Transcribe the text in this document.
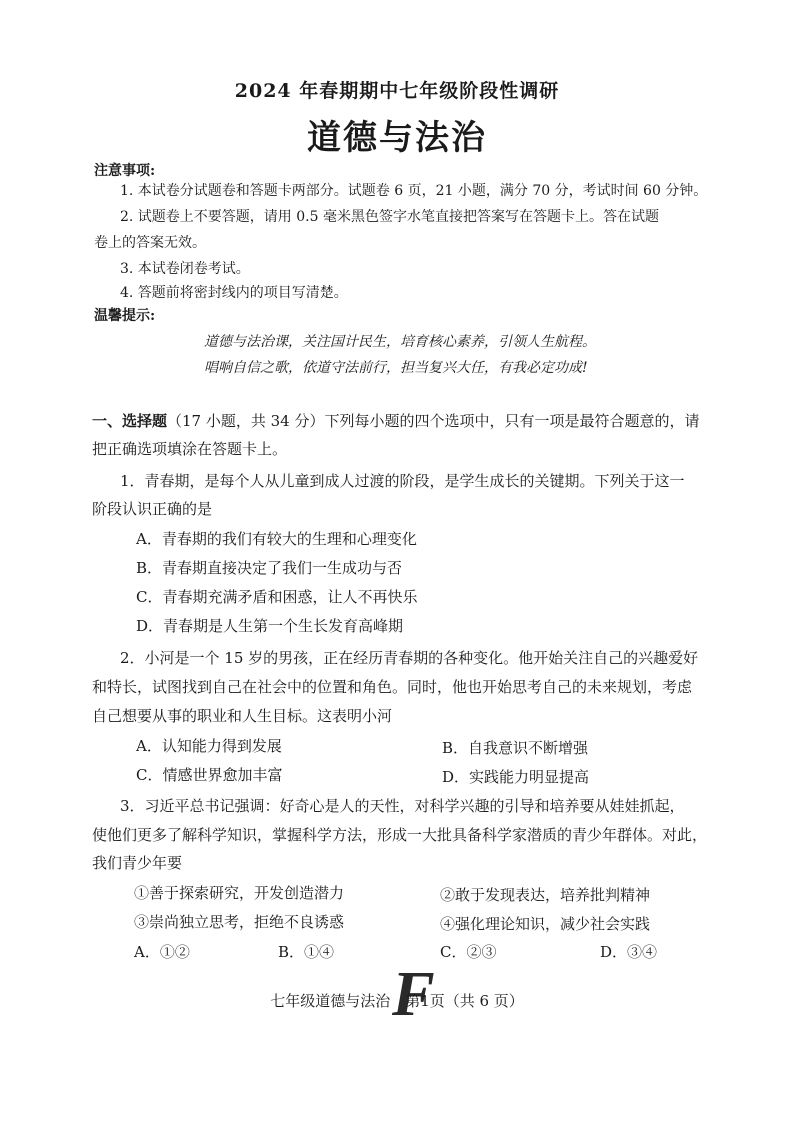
2024 年春期期中七年级阶段性调研
道德与法治
注意事项:
1. 本试卷分试题卷和答题卡两部分。试题卷 6 页，21 小题，满分 70 分，考试时间 60 分钟。
2. 试题卷上不要答题，请用 0.5 毫米黑色签字水笔直接把答案写在答题卡上。答在试题
卷上的答案无效。
3. 本试卷闭卷考试。
4. 答题前将密封线内的项目写清楚。
温馨提示:
道德与法治课，关注国计民生，培育核心素养，引领人生航程。
唱响自信之歌，依道守法前行，担当复兴大任，有我必定功成!
一、选择题（17 小题，共 34 分）下列每小题的四个选项中，只有一项是最符合题意的，请
把正确选项填涂在答题卡上。
1．青春期，是每个人从儿童到成人过渡的阶段，是学生成长的关键期。下列关于这一
阶段认识正确的是
A．青春期的我们有较大的生理和心理变化
B．青春期直接决定了我们一生成功与否
C．青春期充满矛盾和困惑，让人不再快乐
D．青春期是人生第一个生长发育高峰期
2．小河是一个 15 岁的男孩，正在经历青春期的各种变化。他开始关注自己的兴趣爱好
和特长，试图找到自己在社会中的位置和角色。同时，他也开始思考自己的未来规划，考虑
自己想要从事的职业和人生目标。这表明小河
A．认知能力得到发展	B．自我意识不断增强
C．情感世界愈加丰富	D．实践能力明显提高
3．习近平总书记强调：好奇心是人的天性，对科学兴趣的引导和培养要从娃娃抓起，
使他们更多了解科学知识，掌握科学方法，形成一大批具备科学家潜质的青少年群体。对此，
我们青少年要
①善于探索研究，开发创造潜力	②敢于发现表达，培养批判精神
③崇尚独立思考，拒绝不良诱惑	④强化理论知识，减少社会实践
A．①②	B．①④	C．②③	D．③④
F
七年级道德与法治　第1页（共 6 页）
